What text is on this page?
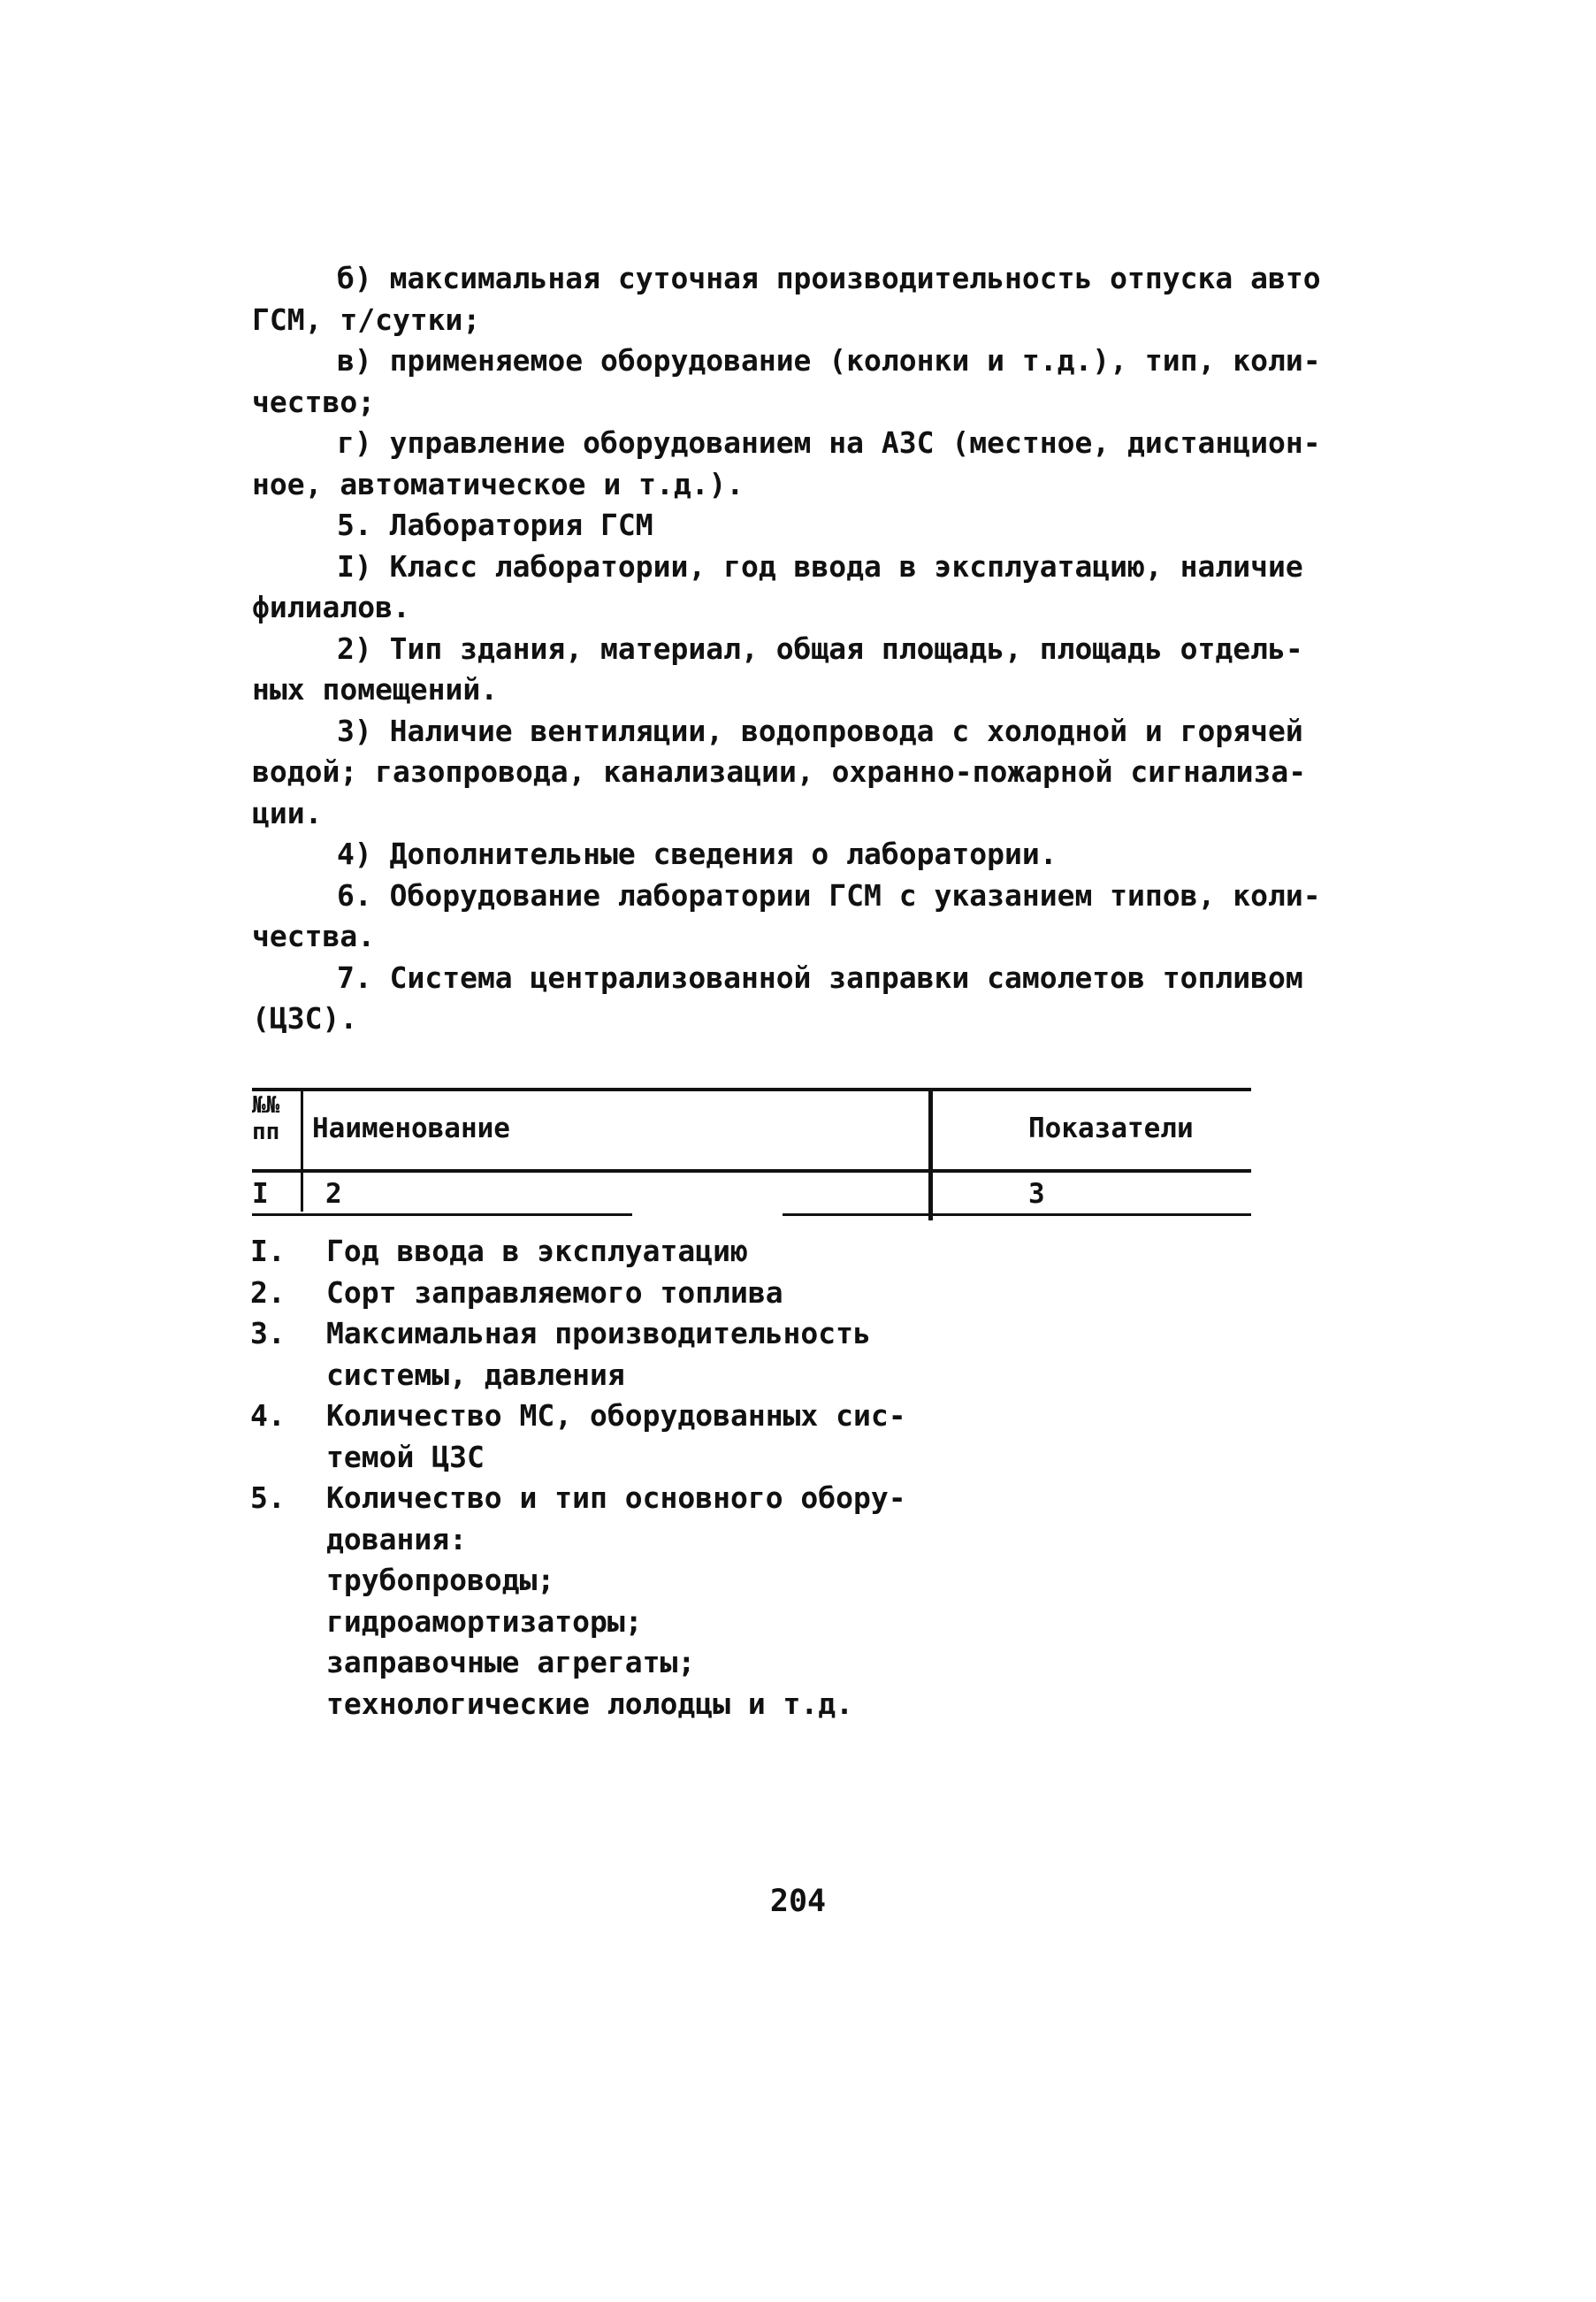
б) максимальная суточная производительность отпуска авто
ГСМ, т/сутки;

в) применяемое оборудование (колонки и т.д.), тип, коли-
чество;

г) управление оборудованием на АЗС (местное, дистанцион-
ное, автоматическое и т.д.).

5. Лаборатория ГСМ

I) Класс лаборатории, год ввода в эксплуатацию, наличие
филиалов.

2) Тип здания, материал, общая площадь, площадь отдель-
ных помещений.

3) Наличие вентиляции, водопровода с холодной и горячей
водой; газопровода, канализации, охранно-пожарной сигнализа-
ции.

4) Дополнительные сведения о лаборатории.

6. Оборудование лаборатории ГСМ с указанием типов, коли-
чества.

7. Система централизованной заправки самолетов топливом
(ЦЗС).

№№
пп Наименование	Показатели
I 2	3
I. Год ввода в эксплуатацию
2. Сорт заправляемого топлива
3. Максимальная производительность
системы, давления
4. Количество МС, оборудованных сис-
темой ЦЗС
5. Количество и тип основного обору-
дования:
трубопроводы;
гидроамортизаторы;
заправочные агрегаты;
технологические лолодцы и т.д.
204
